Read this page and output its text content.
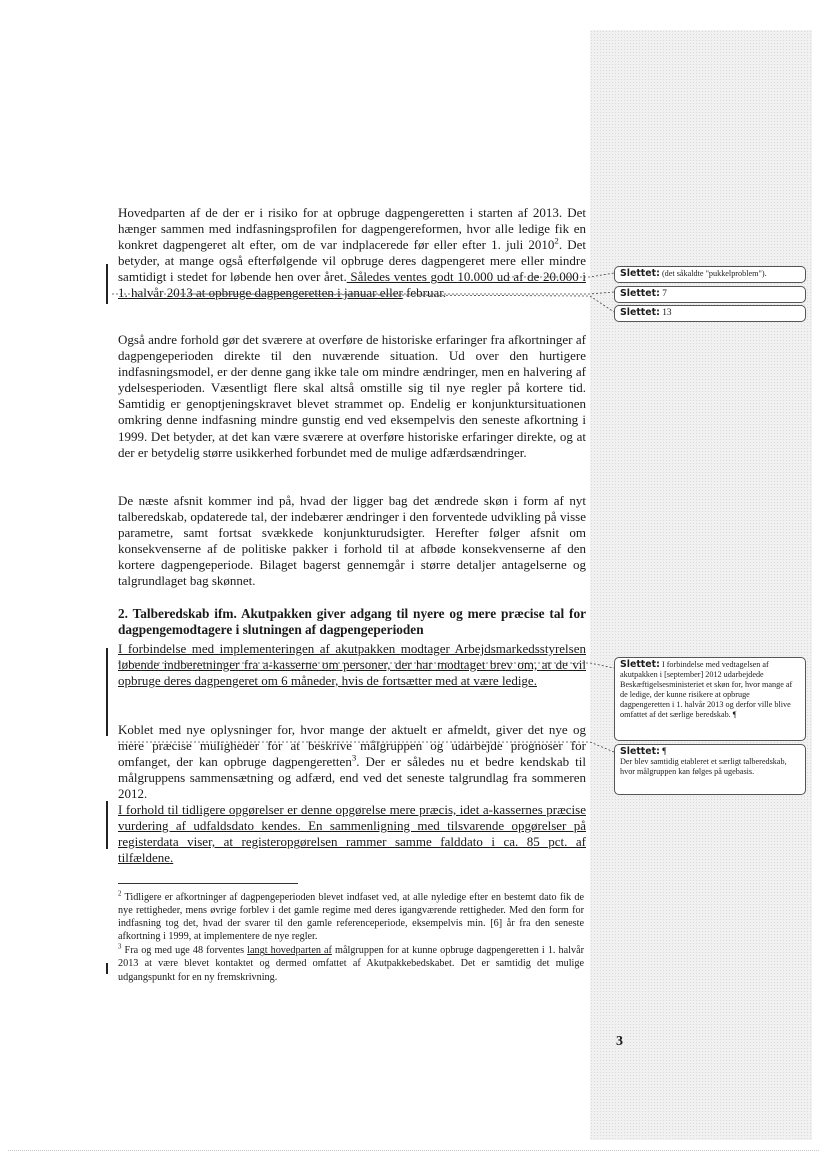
Hovedparten af de der er i risiko for at opbruge dagpengeretten i starten af 2013. Det hænger sammen med indfasningsprofilen for dagpengereformen, hvor alle ledige fik en konkret dagpengeret alt efter, om de var indplacerede før eller efter 1. juli 2010$^2$. Det betyder, at mange også efterfølgende vil opbruge deres dagpengeret mere eller mindre samtidigt i stedet for løbende hen over året. Således ventes godt 10.000 ud af de 20.000 i 1. halvår 2013 at opbruge dagpengeretten i januar eller februar.

Også andre forhold gør det sværere at overføre de historiske erfaringer fra afkortninger af dagpengeperioden direkte til den nuværende situation. Ud over den hurtigere indfasningsmodel, er der denne gang ikke tale om mindre ændringer, men en halvering af ydelsesperioden. Væsentligt flere skal altså omstille sig til nye regler på kortere tid. Samtidig er genoptjeningskravet blevet strammet op. Endelig er konjunktursituationen omkring denne indfasning mindre gunstig end ved eksempelvis den seneste afkortning i 1999. Det betyder, at det kan være sværere at overføre historiske erfaringer direkte, og at der er betydelig større usikkerhed forbundet med de mulige adfærdsændringer.

De næste afsnit kommer ind på, hvad der ligger bag det ændrede skøn i form af nyt talberedskab, opdaterede tal, der indebærer ændringer i den forventede udvikling på visse parametre, samt fortsat svækkede konjunkturudsigter. Herefter følger afsnit om konsekvenserne af de politiske pakker i forhold til at afbøde konsekvenserne af den kortere dagpengeperiode. Bilaget bagerst gennemgår i større detaljer antagelserne og talgrundlaget bag skønnet.

2. Talberedskab ifm. Akutpakken giver adgang til nyere og mere præcise tal for dagpengemodtagere i slutningen af dagpengeperioden

I forbindelse med implementeringen af akutpakken modtager Arbejdsmarkedsstyrelsen løbende indberetninger fra a-kasserne om personer, der har modtaget brev om, at de vil opbruge deres dagpengeret om 6 måneder, hvis de fortsætter med at være ledige.

Koblet med nye oplysninger for, hvor mange der aktuelt er afmeldt, giver det nye og mere præcise muligheder for at beskrive målgruppen og udarbejde prognoser for omfanget, der kan opbruge dagpengeretten$^3$. Der er således nu et bedre kendskab til målgruppens sammensætning og adfærd, end ved det seneste talgrundlag fra sommeren 2012.

I forhold til tidligere opgørelser er denne opgørelse mere præcis, idet a-kassernes præcise vurdering af udfaldsdato kendes. En sammenligning med tilsvarende opgørelser på registerdata viser, at registeropgørelsen rammer samme falddato i ca. 85 pct. af tilfældene.

$^2$ Tidligere er afkortninger af dagpengeperioden blevet indfaset ved, at alle nyledige efter en bestemt dato fik de nye rettigheder, mens øvrige forblev i det gamle regime med deres igangværende rettigheder. Med den form for indfasning tog det, hvad der svarer til den gamle referenceperiode, eksempelvis min. [6] år fra den seneste afkortning i 1999, at implementere de nye regler.

$^3$ Fra og med uge 48 forventes langt hovedparten af målgruppen for at kunne opbruge dagpengeretten i 1. halvår 2013 at være blevet kontaktet og dermed omfattet af Akutpakkebedskabet. Det er samtidig det mulige udgangspunkt for en ny fremskrivning.

3
Slettet: (det såkaldte "pukkelproblem").
Slettet: 7
Slettet: 13
Slettet: I forbindelse med vedtagelsen af akutpakken i [september] 2012 udarbejdede Beskæftigelsesministeriet et skøn for, hvor mange af de ledige, der kunne risikere at opbruge dagpengeretten i 1. halvår 2013 og derfor ville blive omfattet af det særlige beredskab. ¶
Slettet: ¶
Der blev samtidig etableret et særligt talberedskab, hvor målgruppen kan følges på ugebasis.
